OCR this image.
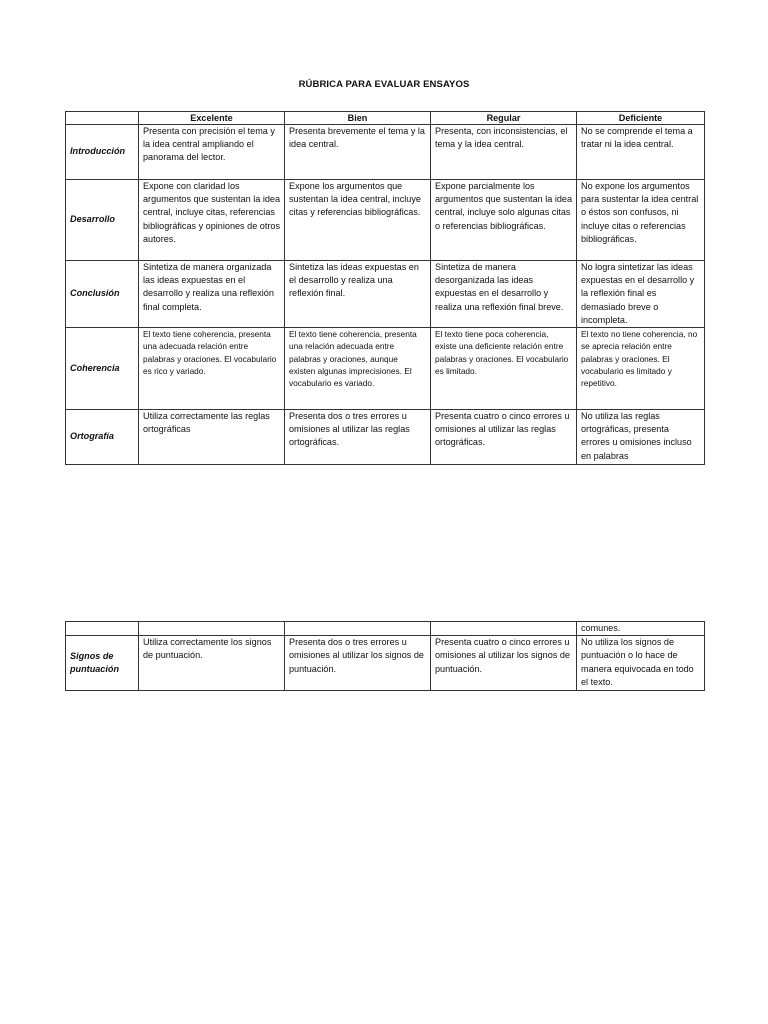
RÚBRICA PARA EVALUAR ENSAYOS
	Excelente	Bien	Regular	Deficiente
Introducción	Presenta con precisión el tema y la idea central ampliando el panorama del lector.	Presenta brevemente el tema y la idea central.	Presenta, con inconsistencias, el tema y la idea central.	No se comprende el tema a tratar ni la idea central.
Desarrollo	Expone con claridad los argumentos que sustentan la idea central, incluye citas, referencias bibliográficas y opiniones de otros autores.	Expone los argumentos que sustentan la idea central, incluye citas y referencias bibliográficas.	Expone parcialmente los argumentos que sustentan la idea central, incluye solo algunas citas o referencias bibliográficas.	No expone los argumentos para sustentar la idea central o éstos son confusos, ni incluye citas o referencias bibliográficas.
Conclusión	Sintetiza de manera organizada las ideas expuestas en el desarrollo y realiza una reflexión final completa.	Sintetiza las ideas expuestas en el desarrollo y realiza una reflexión final.	Sintetiza de manera desorganizada las ideas expuestas en el desarrollo y realiza una reflexión final breve.	No logra sintetizar las ideas expuestas en el desarrollo y la reflexión final es demasiado breve o incompleta.
Coherencia	El texto tiene coherencia, presenta una adecuada relación entre palabras y oraciones. El vocabulario es rico y variado.	El texto tiene coherencia, presenta una relación adecuada entre palabras y oraciones, aunque existen algunas imprecisiones. El vocabulario es variado.	El texto tiene poca coherencia, existe una deficiente relación entre palabras y oraciones. El vocabulario es limitado.	El texto no tiene coherencia, no se aprecia relación entre palabras y oraciones. El vocabulario es limitado y repetitivo.
Ortografía	Utiliza correctamente las reglas ortográficas	Presenta dos o tres errores u omisiones al utilizar las reglas ortográficas.	Presenta cuatro o cinco errores u omisiones al utilizar las reglas ortográficas.	No utiliza las reglas ortográficas, presenta errores u omisiones incluso en palabras
				comunes.
Signos de puntuación	Utiliza correctamente los signos de puntuación.	Presenta dos o tres errores u omisiones al utilizar los signos de puntuación.	Presenta cuatro o cinco errores u omisiones al utilizar los signos de puntuación.	No utiliza los signos de puntuación o lo hace de manera equivocada en todo el texto.
